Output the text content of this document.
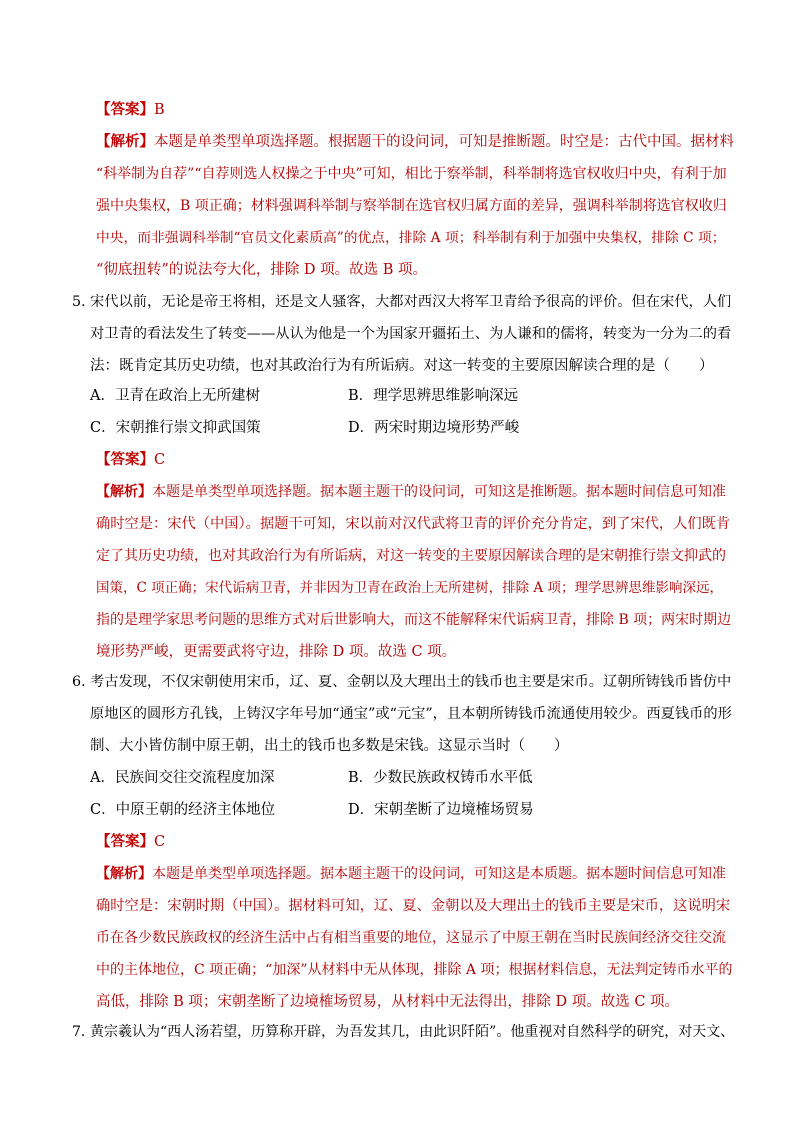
【答案】B
【解析】本题是单类型单项选择题。根据题干的设问词，可知是推断题。时空是：古代中国。据材料
“科举制为自荐”“自荐则选人权操之于中央”可知，相比于察举制，科举制将选官权收归中央，有利于加
强中央集权，B 项正确；材料强调科举制与察举制在选官权归属方面的差异，强调科举制将选官权收归
中央，而非强调科举制“官员文化素质高”的优点，排除 A 项；科举制有利于加强中央集权，排除 C 项；
“彻底扭转”的说法夸大化，排除 D 项。故选 B 项。
5．宋代以前，无论是帝王将相，还是文人骚客，大都对西汉大将军卫青给予很高的评价。但在宋代，人们
对卫青的看法发生了转变——从认为他是一个为国家开疆拓土、为人谦和的儒将，转变为一分为二的看
法：既肯定其历史功绩，也对其政治行为有所诟病。对这一转变的主要原因解读合理的是（　　）
A．卫青在政治上无所建树	B．理学思辨思维影响深远
C．宋朝推行崇文抑武国策	D．两宋时期边境形势严峻
【答案】C
【解析】本题是单类型单项选择题。据本题主题干的设问词，可知这是推断题。据本题时间信息可知准
确时空是：宋代（中国）。据题干可知，宋以前对汉代武将卫青的评价充分肯定，到了宋代，人们既肯
定了其历史功绩，也对其政治行为有所诟病，对这一转变的主要原因解读合理的是宋朝推行崇文抑武的
国策，C 项正确；宋代诟病卫青，并非因为卫青在政治上无所建树，排除 A 项；理学思辨思维影响深远，
指的是理学家思考问题的思维方式对后世影响大，而这不能解释宋代诟病卫青，排除 B 项；两宋时期边
境形势严峻，更需要武将守边，排除 D 项。故选 C 项。
6．考古发现，不仅宋朝使用宋币，辽、夏、金朝以及大理出土的钱币也主要是宋币。辽朝所铸钱币皆仿中
原地区的圆形方孔钱，上铸汉字年号加“通宝”或“元宝”，且本朝所铸钱币流通使用较少。西夏钱币的形
制、大小皆仿制中原王朝，出土的钱币也多数是宋钱。这显示当时（　　）
A．民族间交往交流程度加深	B．少数民族政权铸币水平低
C．中原王朝的经济主体地位	D．宋朝垄断了边境榷场贸易
【答案】C
【解析】本题是单类型单项选择题。据本题主题干的设问词，可知这是本质题。据本题时间信息可知准
确时空是：宋朝时期（中国）。据材料可知，辽、夏、金朝以及大理出土的钱币主要是宋币，这说明宋
币在各少数民族政权的经济生活中占有相当重要的地位，这显示了中原王朝在当时民族间经济交往交流
中的主体地位，C 项正确；“加深”从材料中无从体现，排除 A 项；根据材料信息，无法判定铸币水平的
高低，排除 B 项；宋朝垄断了边境榷场贸易，从材料中无法得出，排除 D 项。故选 C 项。
7．黄宗羲认为“西人汤若望，历算称开辟，为吾发其几，由此识阡陌”。他重视对自然科学的研究，对天文、
